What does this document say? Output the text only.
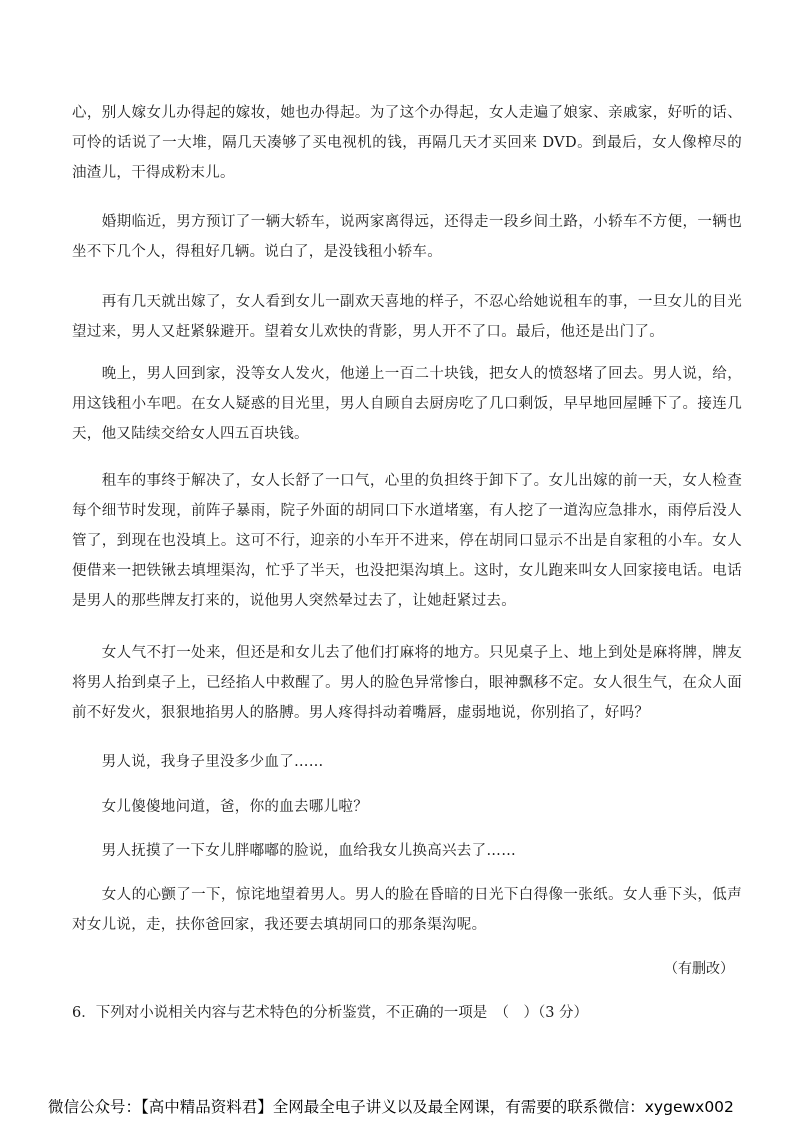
心，别人嫁女儿办得起的嫁妆，她也办得起。为了这个办得起，女人走遍了娘家、亲戚家，好听的话、可怜的话说了一大堆，隔几天凑够了买电视机的钱，再隔几天才买回来 DVD。到最后，女人像榨尽的油渣儿，干得成粉末儿。

　　婚期临近，男方预订了一辆大轿车，说两家离得远，还得走一段乡间土路，小轿车不方便，一辆也坐不下几个人，得租好几辆。说白了，是没钱租小轿车。

　　再有几天就出嫁了，女人看到女儿一副欢天喜地的样子，不忍心给她说租车的事，一旦女儿的目光望过来，男人又赶紧躲避开。望着女儿欢快的背影，男人开不了口。最后，他还是出门了。

　　晚上，男人回到家，没等女人发火，他递上一百二十块钱，把女人的愤怒堵了回去。男人说，给，用这钱租小车吧。在女人疑惑的目光里，男人自顾自去厨房吃了几口剩饭，早早地回屋睡下了。接连几天，他又陆续交给女人四五百块钱。

　　租车的事终于解决了，女人长舒了一口气，心里的负担终于卸下了。女儿出嫁的前一天，女人检查每个细节时发现，前阵子暴雨，院子外面的胡同口下水道堵塞，有人挖了一道沟应急排水，雨停后没人管了，到现在也没填上。这可不行，迎亲的小车开不进来，停在胡同口显示不出是自家租的小车。女人便借来一把铁锹去填埋渠沟，忙乎了半天，也没把渠沟填上。这时，女儿跑来叫女人回家接电话。电话是男人的那些牌友打来的，说他男人突然晕过去了，让她赶紧过去。

　　女人气不打一处来，但还是和女儿去了他们打麻将的地方。只见桌子上、地上到处是麻将牌，牌友将男人抬到桌子上，已经掐人中救醒了。男人的脸色异常惨白，眼神飘移不定。女人很生气，在众人面前不好发火，狠狠地掐男人的胳膊。男人疼得抖动着嘴唇，虚弱地说，你别掐了，好吗？

　　男人说，我身子里没多少血了……

　　女儿傻傻地问道，爸，你的血去哪儿啦？

　　男人抚摸了一下女儿胖嘟嘟的脸说，血给我女儿换高兴去了……

　　女人的心颤了一下，惊诧地望着男人。男人的脸在昏暗的日光下白得像一张纸。女人垂下头，低声对女儿说，走，扶你爸回家，我还要去填胡同口的那条渠沟呢。

（有删改）
6．下列对小说相关内容与艺术特色的分析鉴赏，不正确的一项是　（　）（3 分）
微信公众号：【高中精品资料君】全网最全电子讲义以及最全网课，有需要的联系微信：xygewx002
